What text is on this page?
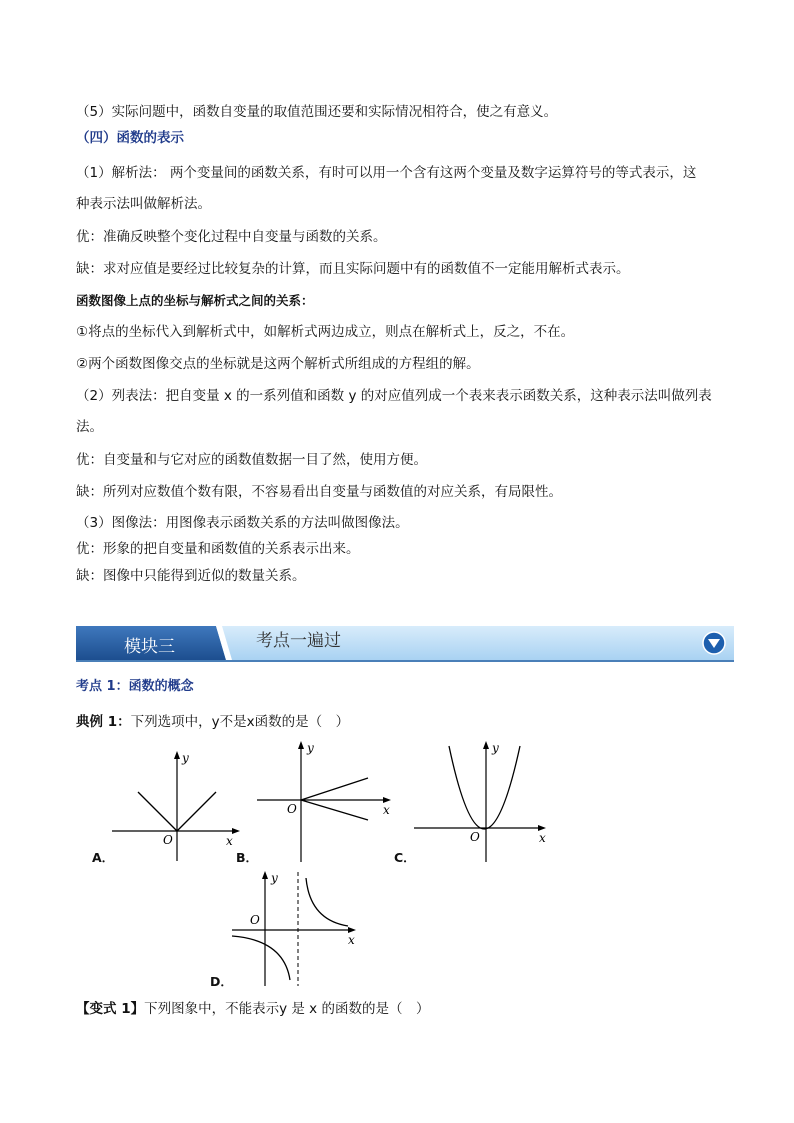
（5）实际问题中，函数自变量的取值范围还要和实际情况相符合，使之有意义。
（四）函数的表示
（1）解析法： 两个变量间的函数关系，有时可以用一个含有这两个变量及数字运算符号的等式表示，这
种表示法叫做解析法。
优：准确反映整个变化过程中自变量与函数的关系。
缺：求对应值是要经过比较复杂的计算，而且实际问题中有的函数值不一定能用解析式表示。
函数图像上点的坐标与解析式之间的关系：
①将点的坐标代入到解析式中，如解析式两边成立，则点在解析式上，反之，不在。
②两个函数图像交点的坐标就是这两个解析式所组成的方程组的解。
（2）列表法：把自变量 x 的一系列值和函数 y 的对应值列成一个表来表示函数关系，这种表示法叫做列表
法。
优：自变量和与它对应的函数值数据一目了然，使用方便。
缺：所列对应数值个数有限，不容易看出自变量与函数值的对应关系，有局限性。
（3）图像法：用图像表示函数关系的方法叫做图像法。
优：形象的把自变量和函数值的关系表示出来。
缺：图像中只能得到近似的数量关系。
模块三	考点一遍过
考点 1：函数的概念
典例 1：下列选项中，y不是x函数的是（　）
y
x
O
A．
y
x
O
B．
y
x
O
C．
y
x
O
D．
【变式 1】下列图象中，不能表示y 是 x 的函数的是（　）
